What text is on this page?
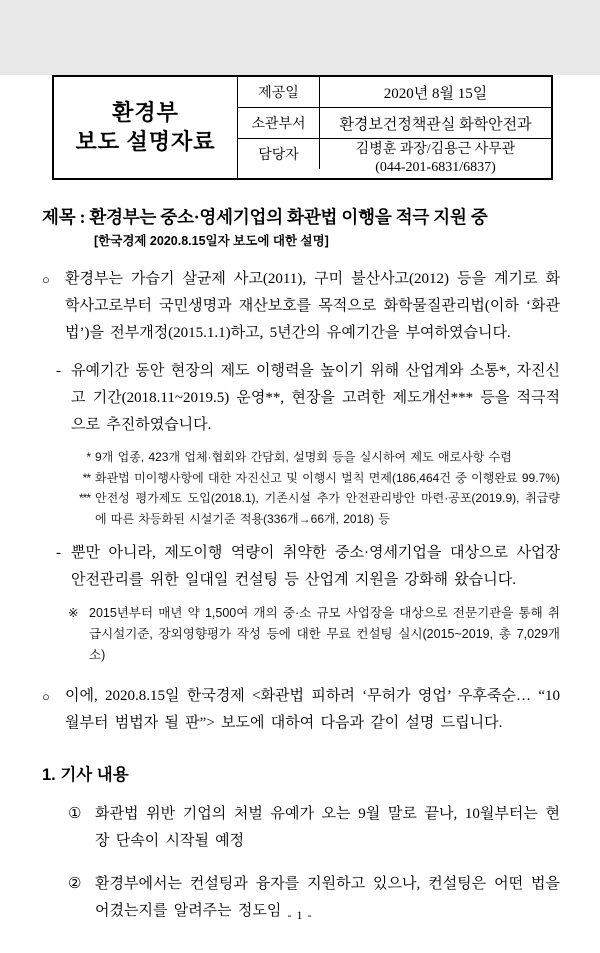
환경부
보도 설명자료
제공일	2020년 8월 15일
소관부서	환경보건정책관실 화학안전과
담당자	김병훈 과장/김용근 사무관
(044-201-6831/6837)
제목 : 환경부는 중소·영세기업의 화관법 이행을 적극 지원 중
[한국경제 2020.8.15일자 보도에 대한 설명]
○	환경부는 가습기 살균제 사고(2011), 구미 불산사고(2012) 등을 계기로 화학사고로부터 국민생명과 재산보호를 목적으로 화학물질관리법(이하 ‘화관법’)을 전부개정(2015.1.1)하고, 5년간의 유예기간을 부여하였습니다.
- 유예기간 동안 현장의 제도 이행력을 높이기 위해 산업계와 소통*, 자진신고 기간(2018.11~2019.5) 운영**, 현장을 고려한 제도개선*** 등을 적극적으로 추진하였습니다.
* 9개 업종, 423개 업체·협회와 간담회, 설명회 등을 실시하여 제도 애로사항 수렴
** 화관법 미이행사항에 대한 자진신고 및 이행시 벌칙 면제(186,464건 중 이행완료 99.7%)
*** 안전성 평가제도 도입(2018.1), 기존시설 추가 안전관리방안 마련·공포(2019.9), 취급량에 따른 차등화된 시설기준 적용(336개→66개, 2018) 등
- 뿐만 아니라, 제도이행 역량이 취약한 중소·영세기업을 대상으로 사업장 안전관리를 위한 일대일 컨설팅 등 산업계 지원을 강화해 왔습니다.
※ 2015년부터 매년 약 1,500여 개의 중·소 규모 사업장을 대상으로 전문기관을 통해 취급시설기준, 장외영향평가 작성 등에 대한 무료 컨설팅 실시(2015~2019, 총 7,029개소)
○	이에, 2020.8.15일 한국경제 <화관법 피하려 ‘무허가 영업’ 우후죽순… “10월부터 범법자 될 판”> 보도에 대하여 다음과 같이 설명 드립니다.
1. 기사 내용
① 화관법 위반 기업의 처벌 유예가 오는 9월 말로 끝나, 10월부터는 현장 단속이 시작될 예정
② 환경부에서는 컨설팅과 융자를 지원하고 있으나, 컨설팅은 어떤 법을 어겼는지를 알려주는 정도임 - 1 -
